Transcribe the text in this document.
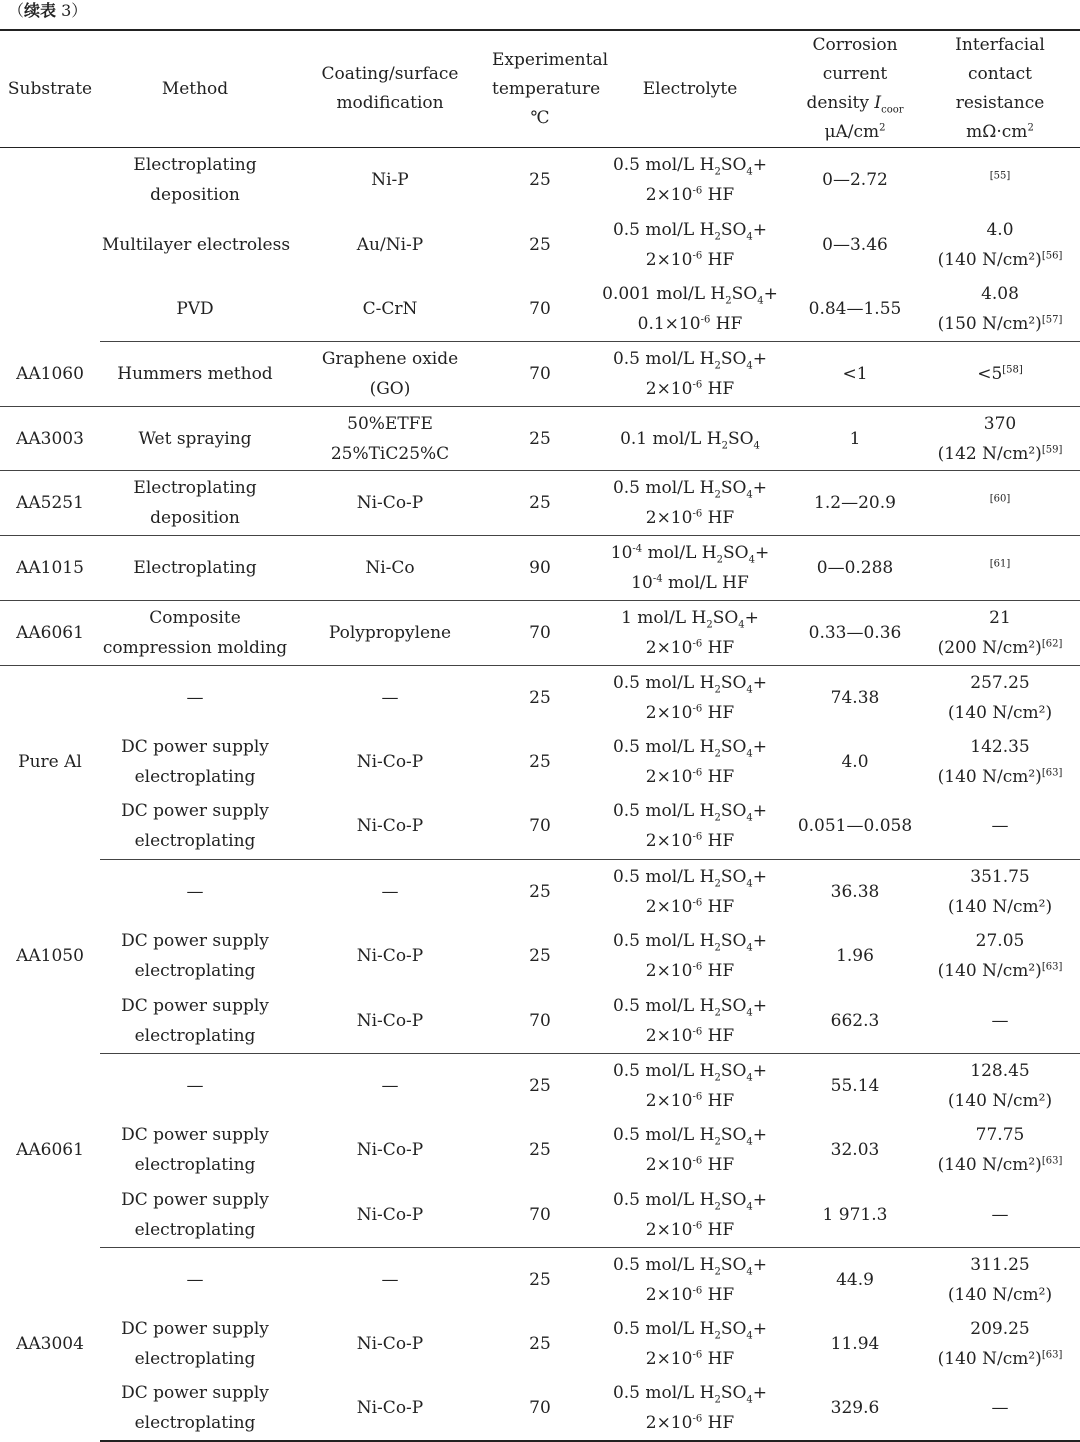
（续表 3）
Substrate	Method	Coating/surface
modification	Experimental
temperature
℃	Electrolyte	Corrosion current
density $I_{coor}$
$\mu A/cm^2$	Interfacial contact
resistance
$m\Omega\cdot cm^2$

	Electroplating
deposition	Ni-P	25	0.5 mol/L $H_2SO_4+$
$2\times 10^{-6}$ HF	0—2.72	[55]

	Multilayer electroless	Au/Ni-P	25	0.5 mol/L $H_2SO_4+$
$2\times 10^{-6}$ HF	0—3.46	4.0
(140 N/cm²)[56]

	PVD	C-CrN	70	0.001 mol/L $H_2SO_4+$
$0.1\times 10^{-6}$ HF	0.84—1.55	4.08
(150 N/cm²)[57]

AA1060	Hummers method	Graphene oxide
(GO)	70	0.5 mol/L $H_2SO_4+$
$2\times 10^{-6}$ HF	<1	<5[58]

AA3003	Wet spraying	50%ETFE
25%TiC25%C	25	0.1 mol/L $H_2SO_4$	1	370
(142 N/cm²)[59]

AA5251	Electroplating
deposition	Ni-Co-P	25	0.5 mol/L $H_2SO_4+$
$2\times 10^{-6}$ HF	1.2—20.9	[60]

AA1015	Electroplating	Ni-Co	90	$10^{-4}$ mol/L $H_2SO_4+$
$10^{-4}$ mol/L HF	0—0.288	[61]

AA6061	Composite
compression molding	Polypropylene	70	1 mol/L $H_2SO_4+$
$2\times 10^{-6}$ HF	0.33—0.36	21
(200 N/cm²)[62]

Pure Al	—	—	25	0.5 mol/L $H_2SO_4+$
$2\times 10^{-6}$ HF	74.38	257.25
(140 N/cm²)

	DC power supply
electroplating	Ni-Co-P	25	0.5 mol/L $H_2SO_4+$
$2\times 10^{-6}$ HF	4.0	142.35
(140 N/cm²)[63]

	DC power supply
electroplating	Ni-Co-P	70	0.5 mol/L $H_2SO_4+$
$2\times 10^{-6}$ HF	0.051—0.058	—

AA1050	—	—	25	0.5 mol/L $H_2SO_4+$
$2\times 10^{-6}$ HF	36.38	351.75
(140 N/cm²)

	DC power supply
electroplating	Ni-Co-P	25	0.5 mol/L $H_2SO_4+$
$2\times 10^{-6}$ HF	1.96	27.05
(140 N/cm²)[63]

	DC power supply
electroplating	Ni-Co-P	70	0.5 mol/L $H_2SO_4+$
$2\times 10^{-6}$ HF	662.3	—

AA6061	—	—	25	0.5 mol/L $H_2SO_4+$
$2\times 10^{-6}$ HF	55.14	128.45
(140 N/cm²)

	DC power supply
electroplating	Ni-Co-P	25	0.5 mol/L $H_2SO_4+$
$2\times 10^{-6}$ HF	32.03	77.75
(140 N/cm²)[63]

	DC power supply
electroplating	Ni-Co-P	70	0.5 mol/L $H_2SO_4+$
$2\times 10^{-6}$ HF	1 971.3	—

AA3004	—	—	25	0.5 mol/L $H_2SO_4+$
$2\times 10^{-6}$ HF	44.9	311.25
(140 N/cm²)

	DC power supply
electroplating	Ni-Co-P	25	0.5 mol/L $H_2SO_4+$
$2\times 10^{-6}$ HF	11.94	209.25
(140 N/cm²)[63]

	DC power supply
electroplating	Ni-Co-P	70	0.5 mol/L $H_2SO_4+$
$2\times 10^{-6}$ HF	329.6	—
